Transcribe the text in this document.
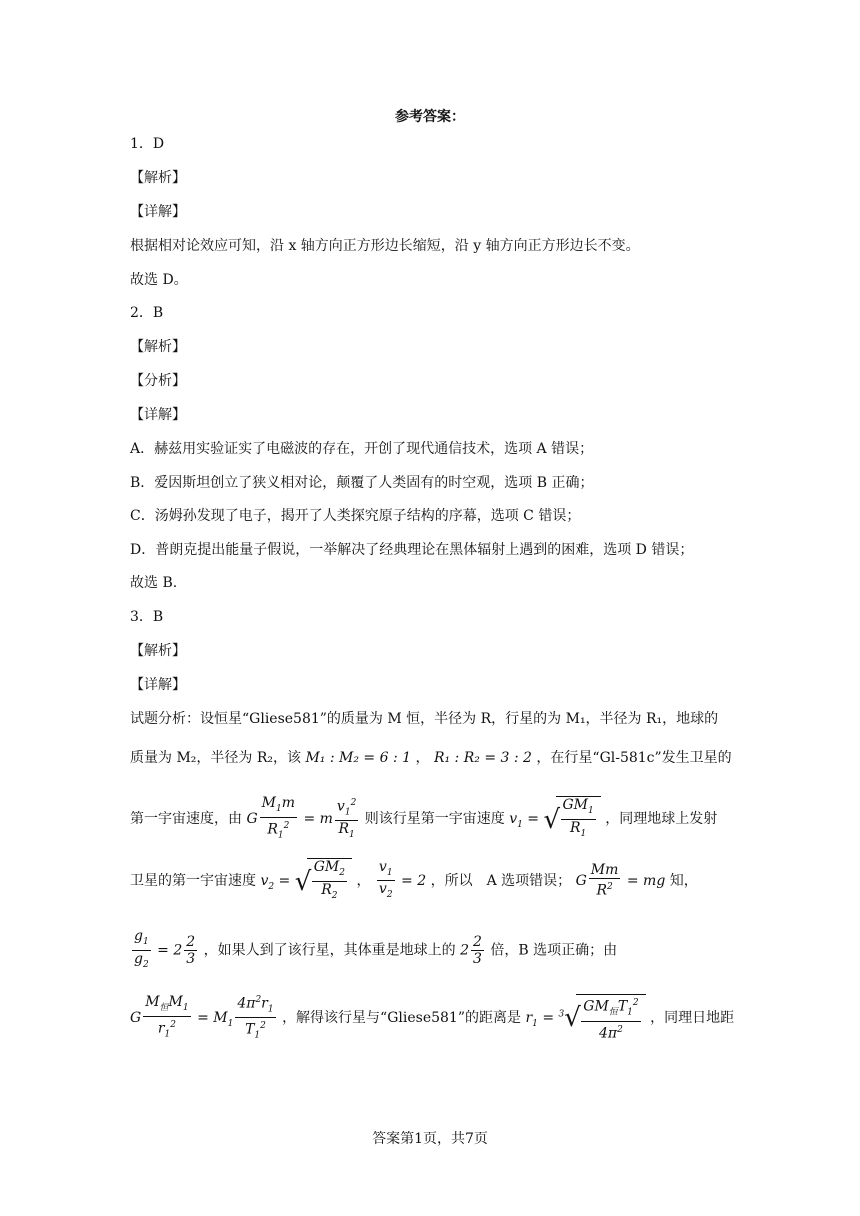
参考答案：
1．D
【解析】
【详解】
根据相对论效应可知，沿 x 轴方向正方形边长缩短，沿 y 轴方向正方形边长不变。
故选 D。
2．B
【解析】
【分析】
【详解】
A．赫兹用实验证实了电磁波的存在，开创了现代通信技术，选项 A 错误；
B．爱因斯坦创立了狭义相对论，颠覆了人类固有的时空观，选项 B 正确；
C．汤姆孙发现了电子，揭开了人类探究原子结构的序幕，选项 C 错误；
D．普朗克提出能量子假说，一举解决了经典理论在黑体辐射上遇到的困难，选项 D 错误；
故选 B.
3．B
【解析】
【详解】
试题分析：设恒星“Gliese581”的质量为 M 恒，半径为 R，行星的为 M₁，半径为 R₁，地球的
质量为 M₂，半径为 R₂，该 M₁ : M₂ = 6 : 1 ， R₁ : R₂ = 3 : 2 ，在行星“Gl-581c”发生卫星的
第一宇宙速度，由 G $\frac{M_1m}{R_1^2} = m \frac{v_1^2}{R_1}$ 则该行星第一宇宙速度 $v_1$ = √ $\frac{GM_1}{R_1}$ ，同理地球上发射
卫星的第一宇宙速度 $v_2$ = √ $\frac{GM_2}{R_2}$ ， $\frac{v_1}{v_2} = 2$ ，所以　A 选项错误； G $\frac{Mm}{R^2}$ = mg 知，
$\frac{g_1}{g_2} = 2 \frac{2}{3}$ ，如果人到了该行星，其体重是地球上的 $2 \frac{2}{3}$ 倍，B 选项正确；由
G $\frac{M_恒M_1}{r_1^2} = M_1 \frac{4\pi^2r_1}{T_1^2}$ ，解得该行星与“Gliese581”的距离是 $r_1 = ^3$ √ $\frac{GM_恒T_1^2}{4\pi^2}$ ，同理日地距
答案第1页，共7页
